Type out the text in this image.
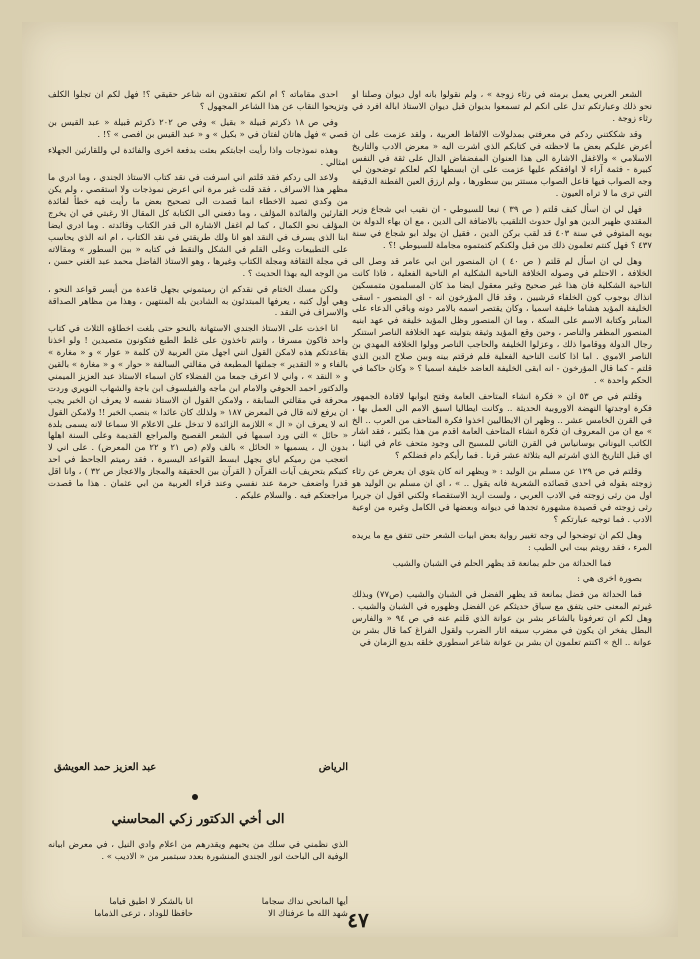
الشعر العربي يعمل برمته في رثاء زوجة » ، ولم نقولوا بانه اول ديوان وصلنا او نحو ذلك وعبارتكم تدل على انكم لم تسمعوا بديوان قبل ديوان الاستاذ ابالة افرد في رثاء زوجة .

وقد شككتني ردكم في معرفتي بمدلولات الالفاظ العربية ، ولقد عزمت على ان أعرض عليكم بعض ما لاحظته في كتابكم الذي اشرت اليه « معرض الادب والتاريخ الاسلامي » والاغفل الاشارة الى هذا العنوان المفضفاض الدال على ثقة في النفس كبيرة - فثمة آراء لا اوافقكم عليها عزمت على ان ابسطها لكم لعلكم توضحون لي وجه الصواب فيها فاعل الصواب مستتر بين سطورها ، ولم ارزق العين الفطنة الدقيقة التي ترى ما لا تراه العيون .

فهل لي ان اسأل كيف قلتم ( ص ٣٩ ) نبعا للسيوطي - ان نقيب ابي شجاع وزير المقتدي ظهير الدين هو اول حدوث التلقيب بالاضافة الى الدين ، مع ان بهاء الدولة بن بويه المتوفي في سنة ٤٠٣ قد لقب بركن الدين ، فقيل ان يولد ابو شجاع في سنة ٤٣٧ ؟ فهل كنتم تعلمون ذلك من قبل ولكنكم كتمتموه مجاملة للسيوطي !؟ .

وهل لي ان اسأل لم قلتم ( ص ٤٠ ) ان المنصور ابن ابي عامر قد وصل الى الخلافة ، الاحتلم في وصوله الخلافة الناحية الشكلية ام الناحية الفعلية ، فاذا كانت الناحية الشكلية فان هذا غير صحيح وغير معقول ايضا مذ كان المسلمون متمسكين انذاك بوجوب كون الخلفاء قرشيين ، وقد قال المؤرخون انه - اي المنصور - اسقى الخليفة المؤيد هشاما خليفة اسميا ، وكان يقتصر اسمه بالامر دونه وباقي الدعاء على المنابر وكتابة الاسم على السكة ، وما ان المنصور وظل المؤيد خليفة في عهد ابنيه المنصور المظفر والناصر ، وحين وقع المؤيد وثيقة بتوليته عهد الخلافة الناصر استنكر رجال الدولة ووقاموا ذلك ، وعزلوا الخليفة والحاجب الناصر وولوا الخلافة المهدي بن الناصر الاموي . اما اذا كانت الناحية الفعلية فلم فرقتم بينه وبين صلاح الدين الذي قلتم - كما قال المؤرخون - انه ابقى الخليفة العاضد خليفة اسميا ؟ « وكان حاكما في الحكم واحدة » .

وقلتم في ص ٥٣ ان « فكرة انشاء المتاحف العامة وفتح ابوابها لافادة الجمهور فكرة اوجدتها النهضة الاوروبية الحديثة .. وكانت ايطاليا اسبق الامم الى العمل بها ، في القرن الخامس عشر .. وظهر ان الايطاليين اخذوا فكرة المتاحف من العرب .. الخ » مع ان من المعروف ان فكرة انشاء المتاحف العامة اقدم من هذا بكثير ، فقد اشار الكاتب اليوناني بوسانياس في القرن الثاني للمسيح الى وجود متحف عام في اثينا ، اي قبل التاريخ الذي اشرتم اليه بثلاثة عشر قرنا . فما رأيكم دام فضلكم ؟

وقلتم في ص ١٢٩ عن مسلم بن الوليد : « ويظهر انه كان يتوي ان يعرض عن رثاء زوجته بقوله في احدى قصائده الشعرية فانه يقول .. » ، اي ان مسلم بن الوليد هو اول من رثى زوجته في الادب العربي ، ولست اريد الاستقصاء ولكني اقول ان جريرا رثى زوجته في قصيدة مشهورة تجدها في ديوانه وبعضها في الكامل وغيره من اوعية الادب . فما توجيه عبارتكم ؟

وهل لكم ان توضحوا لي وجه تغيير رواية بعض ابيات الشعر حتى تتفق مع ما يريده المرء ، فقد رويتم بيت ابي الطيب :

فما الحداثة من حلم بمانعة قد يظهر الحلم في الشبان والشيب

بصورة اخرى هي :

فما الحداثة من فضل بمانعة قد يظهر الفضل في الشبان والشيب (ص٧٧) وبذلك غيرتم المعنى حتى يتفق مع سياق حديثكم عن الفضل وظهوره في الشبان والشيب . وهل لكم ان تعرفونا بالشاعر بشر بن عوانة الذي قلتم عنه في ص ٩٤ « والفارس البطل يفخر ان يكون في مضرب سيفه اثار الضرب ولقول الفراغ كما قال بشر بن عوانة .. الخ » اكنتم تعلمون ان بشر بن عوانة شاعر اسطوري خلقه بديع الزمان في

احدى مقاماته ؟ ام انكم تعتقدون انه شاعر حقيقي ؟! فهل لكم ان تجلوا الكلف وتزيحوا النقاب عن هذا الشاعر المجهول ؟

وفي ص ١٨ ذكرتم قبيلة « بقيل » وفي ص ٢٠٢ ذكرتم قبيلة « عبد القيس بن قصي » فهل هاتان لفتان في « بكيل » و « عبد القيس بن افصى » ؟! .

وهذه نموذجات واذا رأيت اجابتكم بعثت بدفعة اخرى والفائدة لي وللقارئين الجهلاء امثالي .

ولاعد الى ردكم فقد قلتم اني اسرفت في نقد كتاب الاستاذ الجندي ، وما ادري ما مظهر هذا الاسراف ، فقد قلت غير مرة اني اعرض نموذجات ولا استقصي ، ولم يكن من وكدي تصيد الاخطاء انما قصدت الى تصحيح بعض ما رأيت فيه خطأ لفائدة القارئين والفائدة المؤلف ، وما دفعني الى الكتابة كل المقال الا رغبتي في ان يخرج المؤلف نحو الكمال ، كما لم اغفل الاشارة الى قدر الكتاب وفائدته . وما ادري ايضا ابنا الذي يسرف في النقد اهو انا ولك طريقتي في نقد الكتاب ، ام انه الذي يحاسب على التطبيعات وعلى القلم في الشكل والنقط في كتابه « بين السطور » ومقالاته في مجلة الثقافة ومجلة الكتاب وغيرها ، وهو الاستاذ الفاضل محمد عبد الغني حسن ، من الوجه اليه بهذا الحديث ؟ .

ولكن مسك الختام في نقدكم ان رميتموني بجهل قاعدة من أيسر قواعد النحو ، وهي أول كتبه ، يعرفها المبتدئون به الشادين بله المنتهين ، وهذا من مظاهر الصداقة والاسراف في النقد .

انا اخذت على الاستاذ الجندي الاستهانة بالنحو حتى بلغت اخطاؤه الثلاث في كتاب واحد فاكون مسرفا ، وانتم تاخذون على غلط الطبع فتكونون متصيدين ! ولو اخذنا بقاعدتكم هذه لامكن القول انني اجهل متن العربية لان كلمة « عوار » و « مغارة » بالفاء و « التقدير » جملتها المطبعة في مقالتي السالفة « حوار » و « مغارة » بالقين و « النقد » ، واني لا اعرف جمعا من الفضلاء كان اسماء الاستاذ عبد العزيز الميمني والدكتور احمد الحوفي والامام ابن ماجه والفيلسوف ابن باجة والشهاب النويري وردت محرفة في مقالتي السابقة ، ولامكن القول ان الاستاذ نفسه لا يعرف ان الخبر يجب ان يرفع لانه قال في المعرض ١٨٧ « ولذلك كان عائدا » بنصب الخبر !! ولامكن القول انه لا يعرف ان « ال » اللازمة الزائدة لا تدخل على الاعلام الا سماعا لانه يسمى بلدة « حائل » التي ورد اسمها في الشعر الفصيح والمراجع القديمة وعلى السنة اهلها بدون ال ، يسميها « الحائل » بالف ولام (ص ٢١ و ٢٢ من المعرض) . على اني لا اتعجب من رميكم اياي بجهل ابسط القواعد اليسيرة ، فقد رميتم الجاحظ في احد كتبكم بتحريف آيات القرآن ( القرآن بين الحقيقة والمجاز والاعجاز ص ٣٢ ) ، وانا اقل قدرا واضعف حرمة عند نفسي وعند قراء العربية من ابي عثمان . هذا ما قصدت مراجعتكم فيه . والسلام عليكم .

الرياض
عبد العزيز حمد العويشق
الى أخي الدكتور زكي المحاسني
الذي نظمني في سلك من يحبهم ويقدرهم من اعلام وادي النيل ، في معرض ابيانه الوفية الى الباحث انور الجندي المنشورة بعدد سبتمبر من « الاديب » .
أيها المانحي نداك سجاما
انا بالشكر لا اطيق قياما
شهد الله ما عرفتاك الا
حافظا للوداد ، ترعى الذماما	٤٧
